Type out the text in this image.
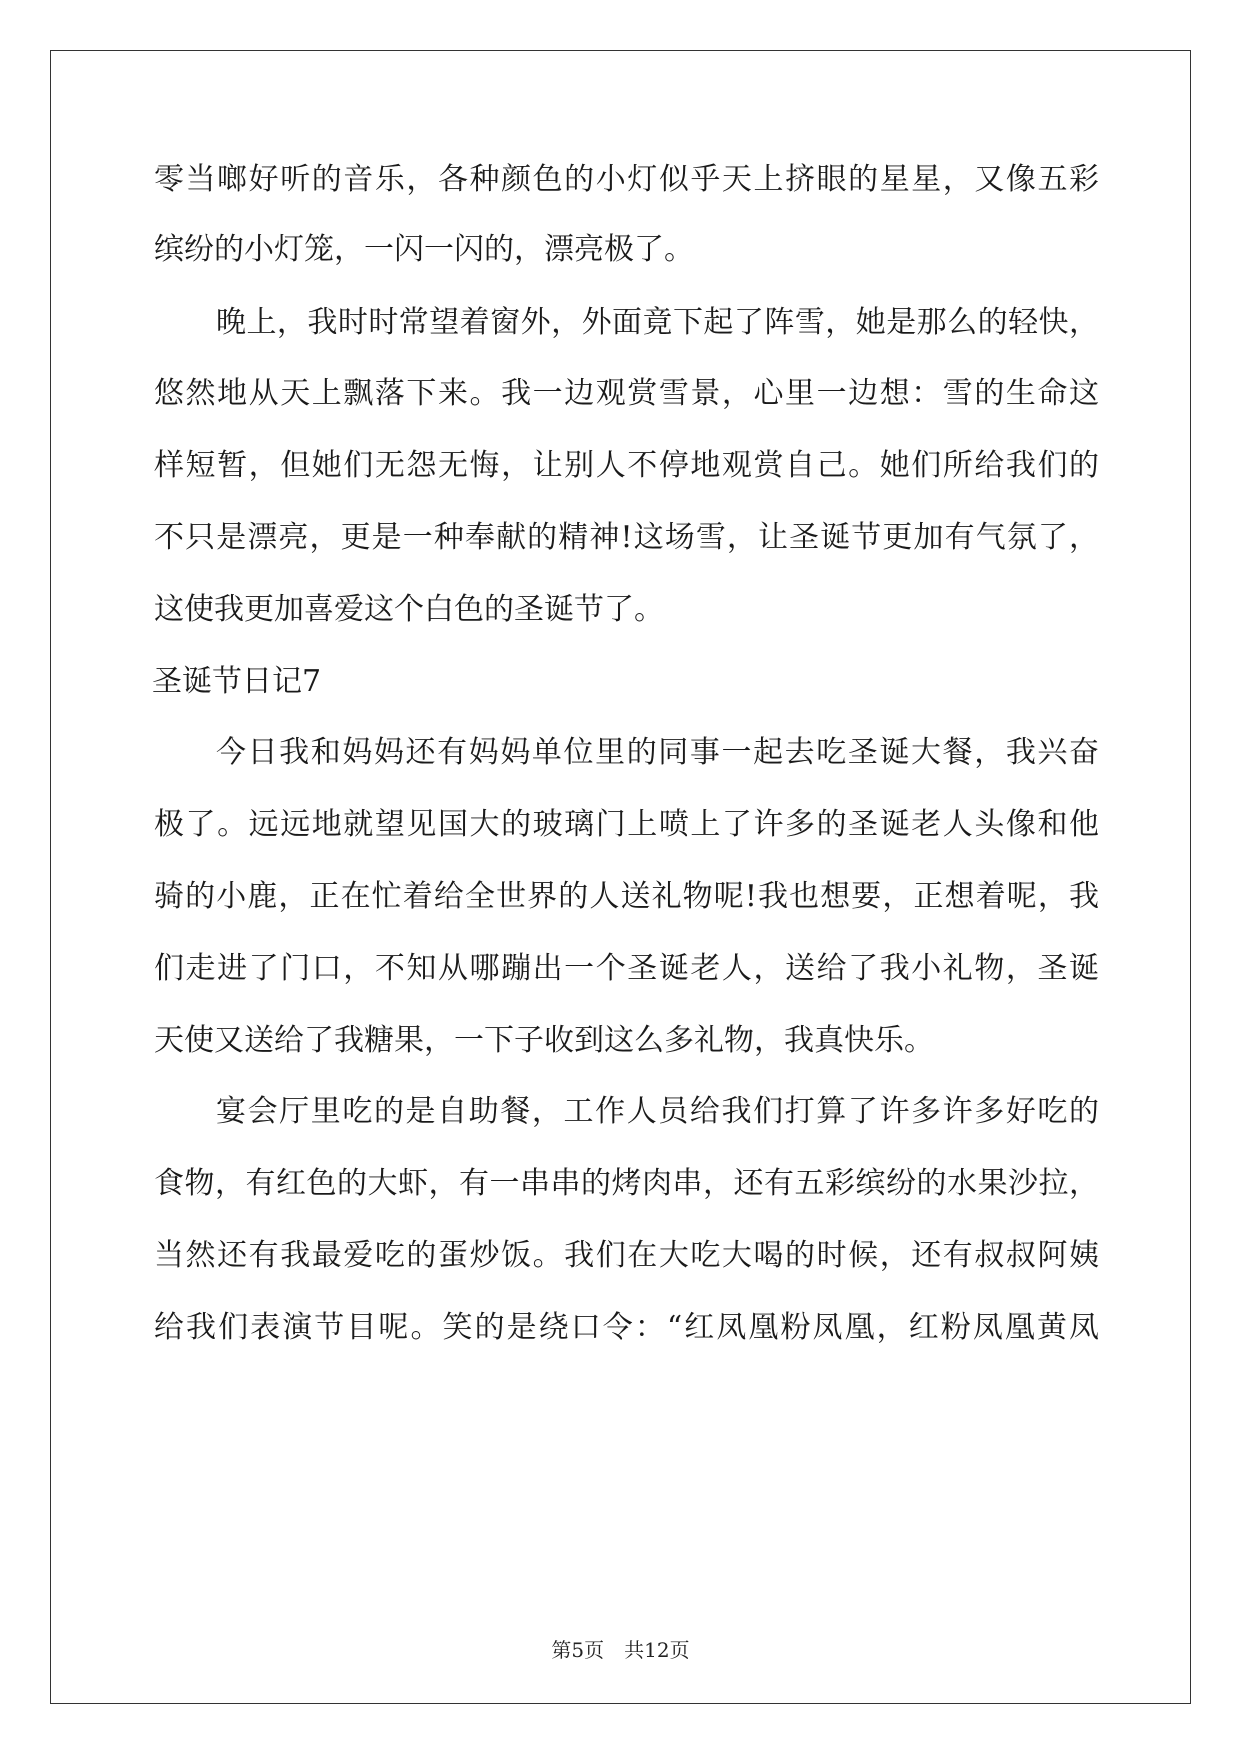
零当啷好听的音乐，各种颜色的小灯似乎天上挤眼的星星，又像五彩

缤纷的小灯笼，一闪一闪的，漂亮极了。

晚上，我时时常望着窗外，外面竟下起了阵雪，她是那么的轻快，

悠然地从天上飘落下来。我一边观赏雪景，心里一边想：雪的生命这

样短暂，但她们无怨无悔，让别人不停地观赏自己。她们所给我们的

不只是漂亮，更是一种奉献的精神!这场雪，让圣诞节更加有气氛了，

这使我更加喜爱这个白色的圣诞节了。

圣诞节日记7

今日我和妈妈还有妈妈单位里的同事一起去吃圣诞大餐，我兴奋

极了。远远地就望见国大的玻璃门上喷上了许多的圣诞老人头像和他

骑的小鹿，正在忙着给全世界的人送礼物呢!我也想要，正想着呢，我

们走进了门口，不知从哪蹦出一个圣诞老人，送给了我小礼物，圣诞

天使又送给了我糖果，一下子收到这么多礼物，我真快乐。

宴会厅里吃的是自助餐，工作人员给我们打算了许多许多好吃的

食物，有红色的大虾，有一串串的烤肉串，还有五彩缤纷的水果沙拉，

当然还有我最爱吃的蛋炒饭。我们在大吃大喝的时候，还有叔叔阿姨

给我们表演节目呢。笑的是绕口令：“红凤凰粉凤凰，红粉凤凰黄凤

第5页　共12页
